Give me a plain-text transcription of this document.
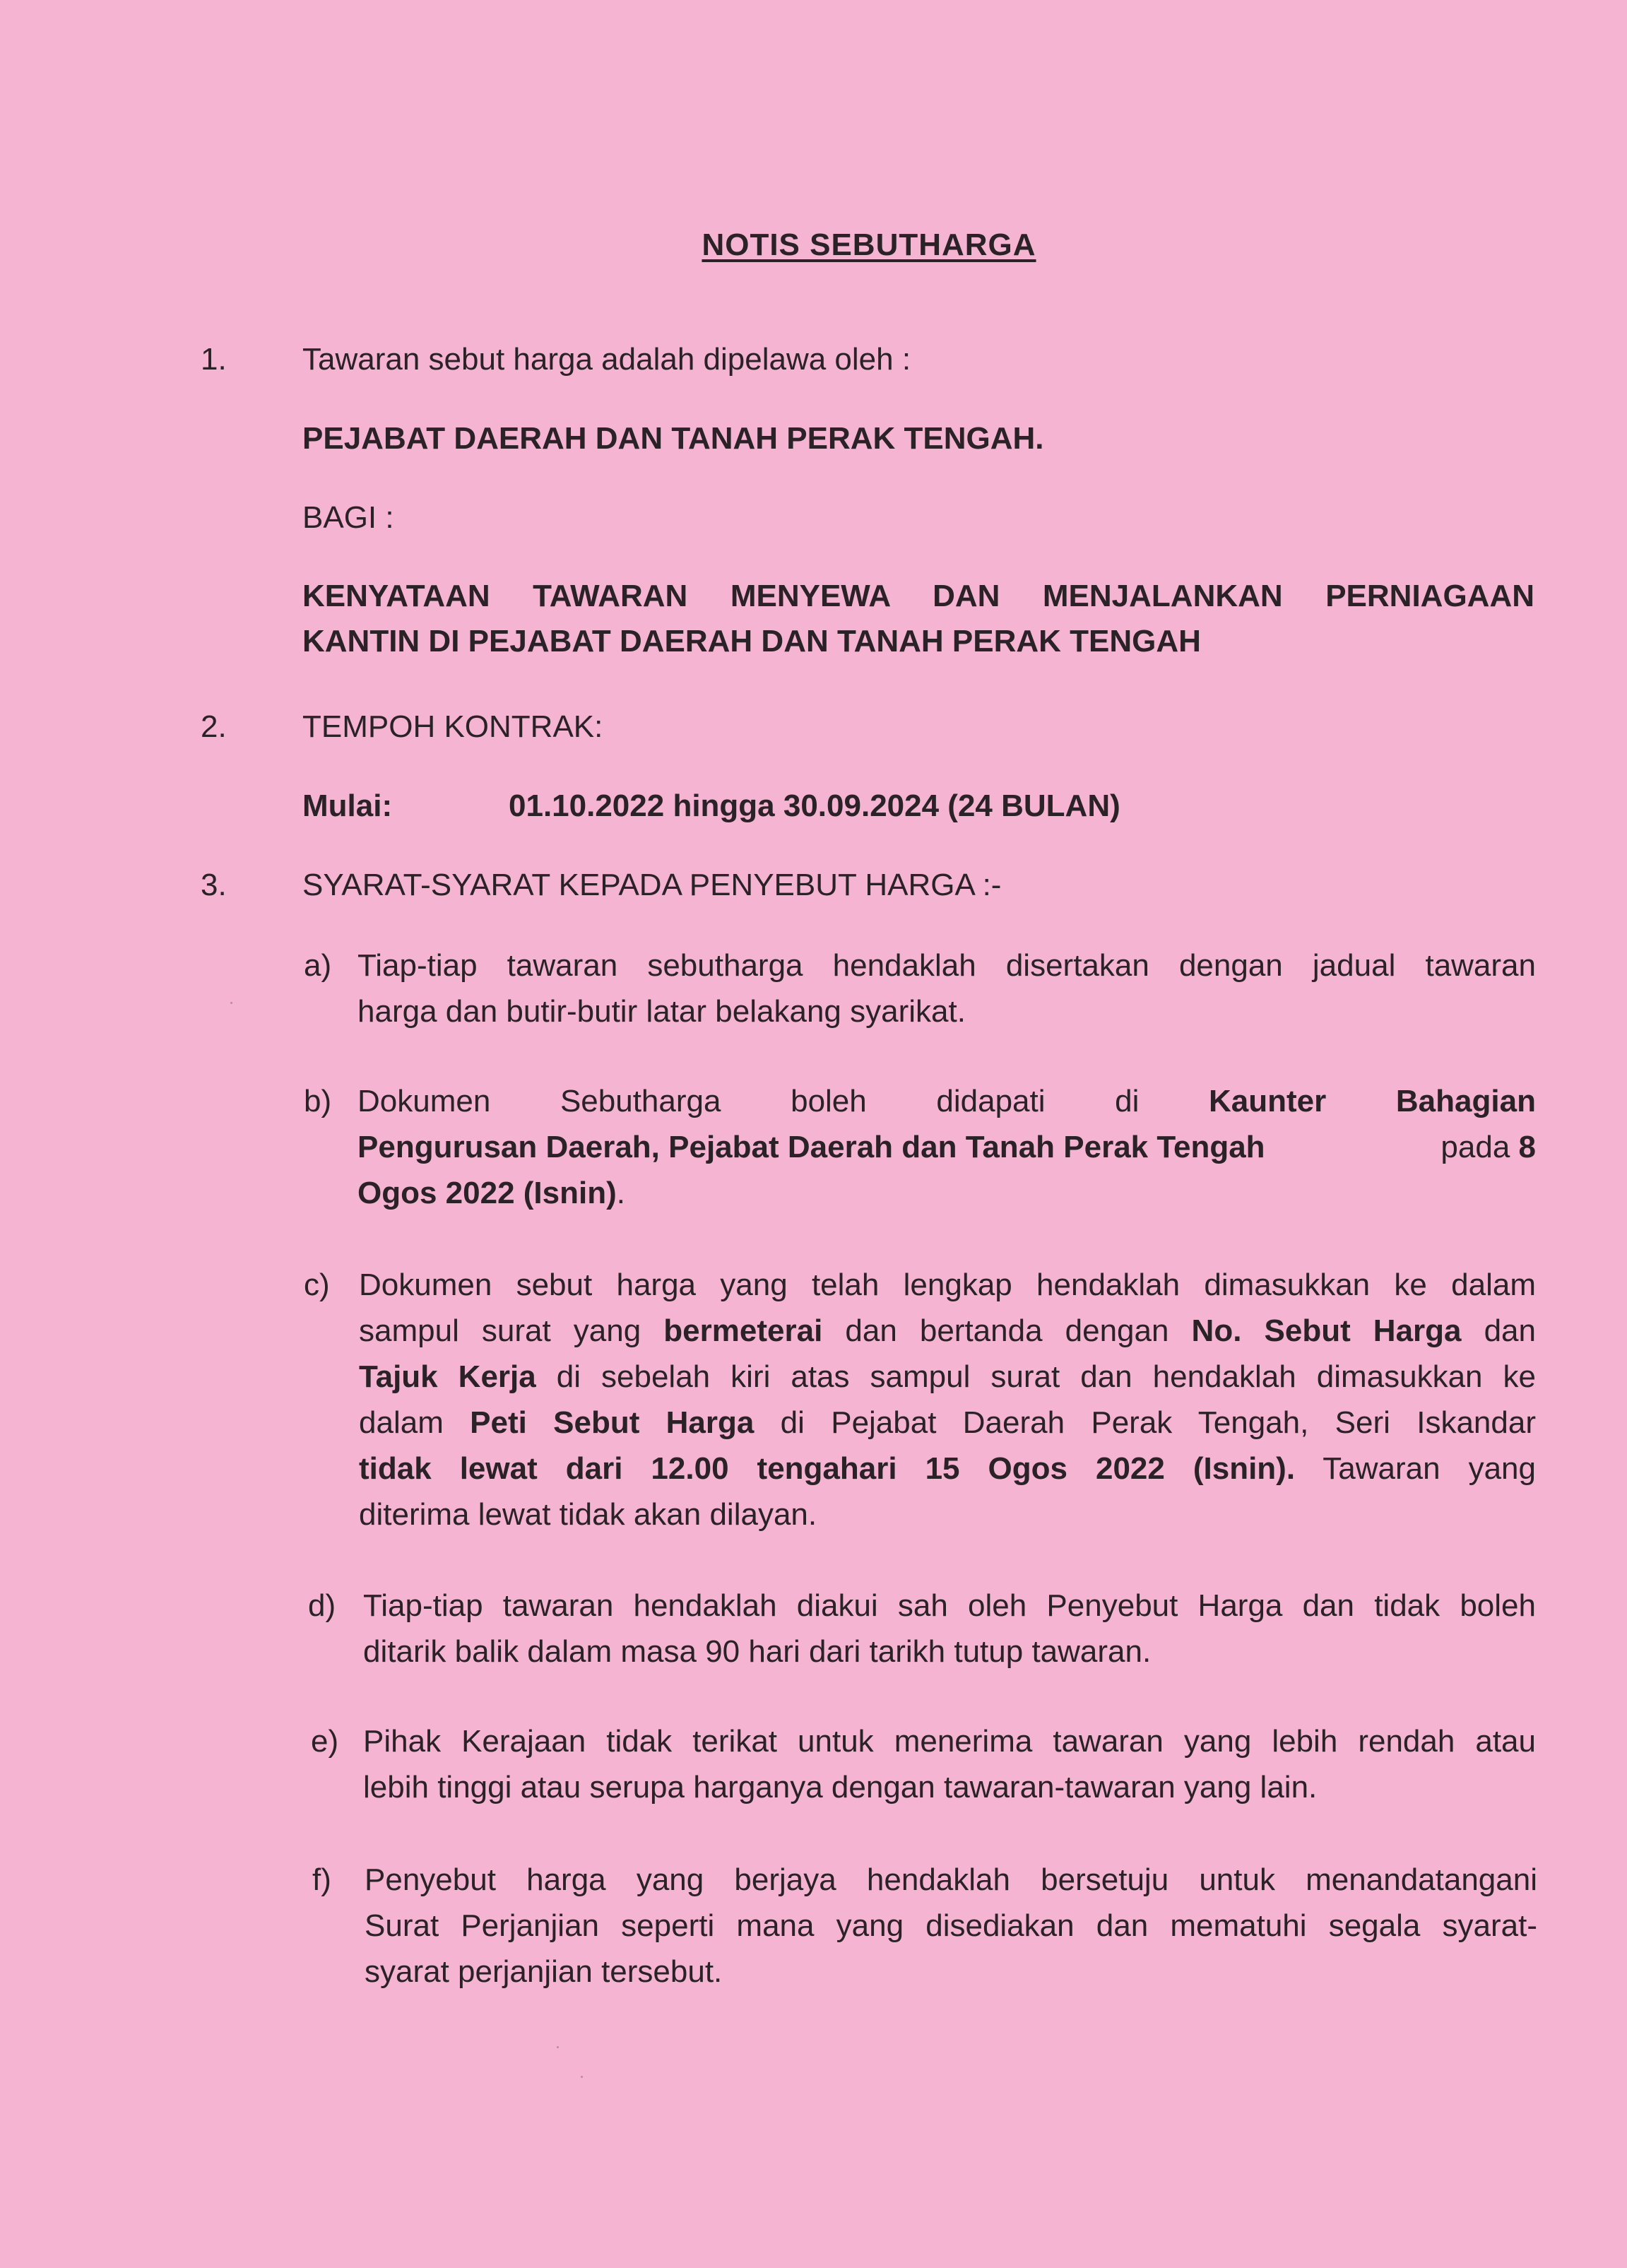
NOTIS SEBUTHARGA
1. Tawaran sebut harga adalah dipelawa oleh :
PEJABAT DAERAH DAN TANAH PERAK TENGAH.
BAGI :
KENYATAAN TAWARAN MENYEWA DAN MENJALANKAN PERNIAGAAN
KANTIN DI PEJABAT DAERAH DAN TANAH PERAK TENGAH
2. TEMPOH KONTRAK:
Mulai:	01.10.2022 hingga 30.09.2024 (24 BULAN)
3. SYARAT-SYARAT KEPADA PENYEBUT HARGA :-
a) Tiap-tiap tawaran sebutharga hendaklah disertakan dengan jadual tawaran
harga dan butir-butir latar belakang syarikat.
b) Dokumen Sebutharga boleh didapati di Kaunter Bahagian
Pengurusan Daerah, Pejabat Daerah dan Tanah Perak Tengah	pada 8
Ogos 2022 (Isnin).
c) Dokumen sebut harga yang telah lengkap hendaklah dimasukkan ke dalam
sampul surat yang bermeterai dan bertanda dengan No. Sebut Harga dan
Tajuk Kerja di sebelah kiri atas sampul surat dan hendaklah dimasukkan ke
dalam Peti Sebut Harga di Pejabat Daerah Perak Tengah, Seri Iskandar
tidak lewat dari 12.00 tengahari 15 Ogos 2022 (Isnin). Tawaran yang
diterima lewat tidak akan dilayan.
d) Tiap-tiap tawaran hendaklah diakui sah oleh Penyebut Harga dan tidak boleh
ditarik balik dalam masa 90 hari dari tarikh tutup tawaran.
e) Pihak Kerajaan tidak terikat untuk menerima tawaran yang lebih rendah atau
lebih tinggi atau serupa harganya dengan tawaran-tawaran yang lain.
f) Penyebut harga yang berjaya hendaklah bersetuju untuk menandatangani
Surat Perjanjian seperti mana yang disediakan dan mematuhi segala syarat-
syarat perjanjian tersebut.
